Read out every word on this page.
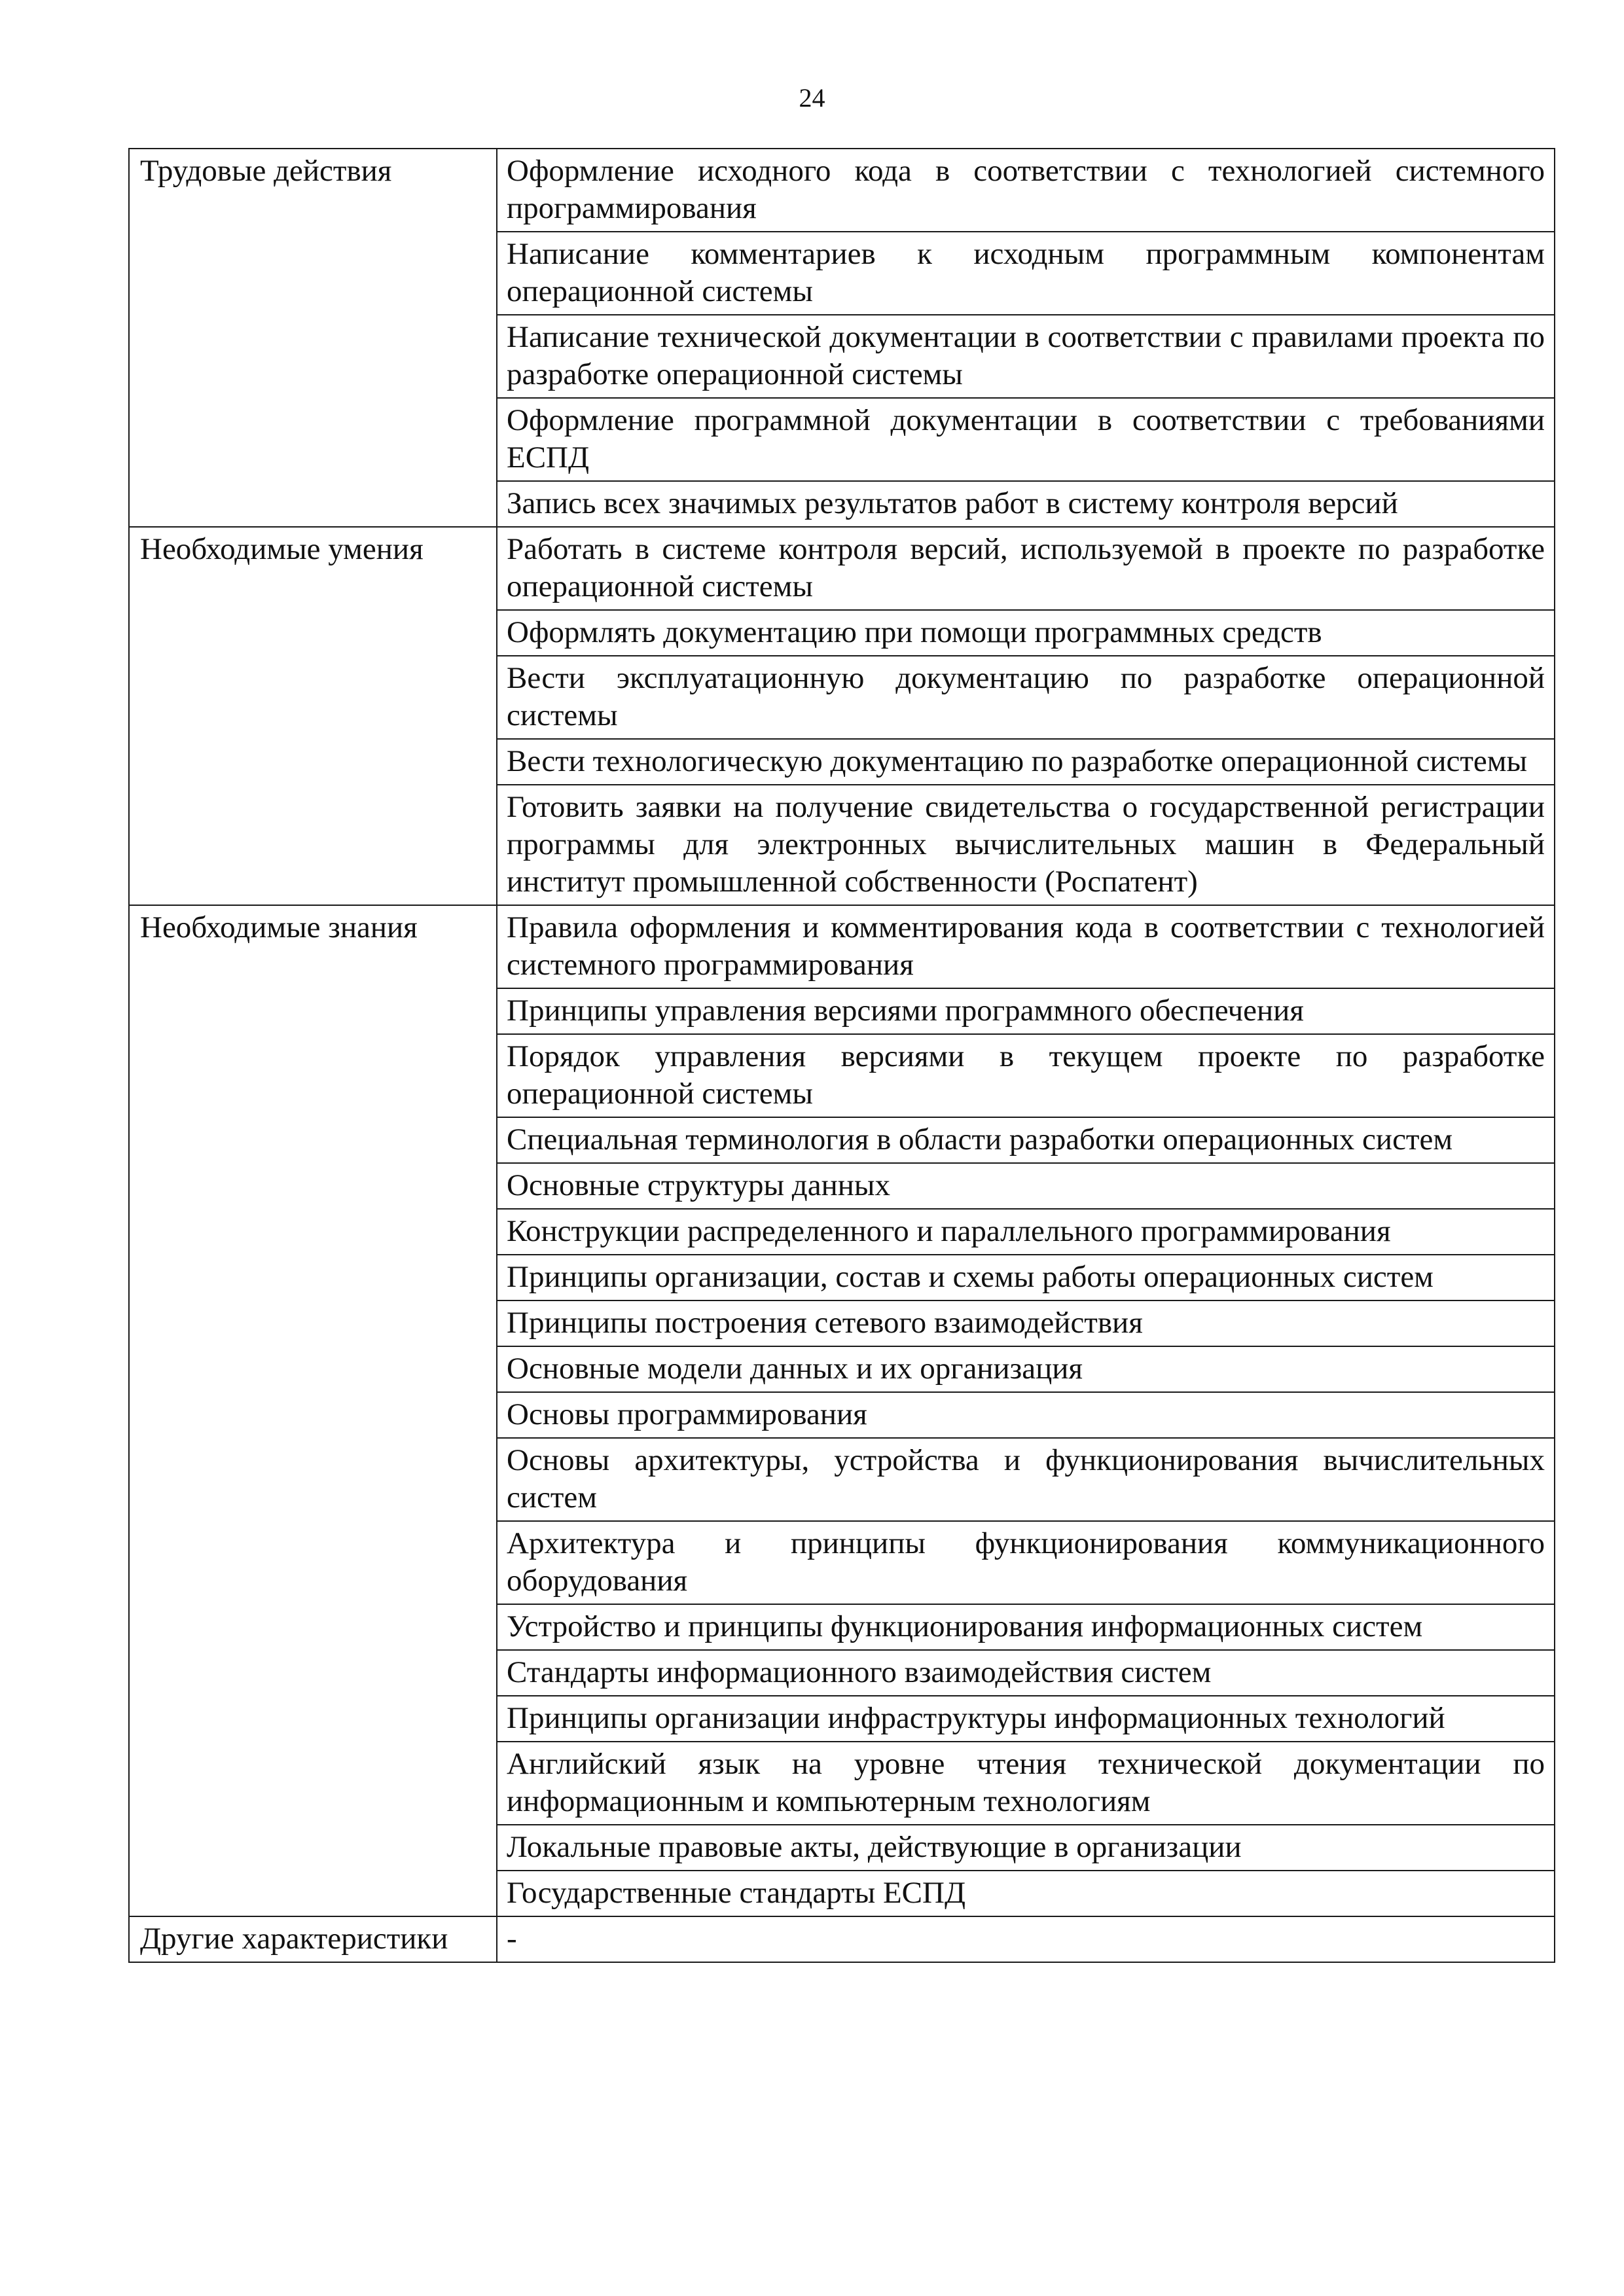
24
Трудовые действия	Оформление исходного кода в соответствии с технологией системного программирования
	Написание комментариев к исходным программным компонентам операционной системы
	Написание технической документации в соответствии с правилами проекта по разработке операционной системы
	Оформление программной документации в соответствии с требованиями ЕСПД
	Запись всех значимых результатов работ в систему контроля версий
Необходимые умения	Работать в системе контроля версий, используемой в проекте по разработке операционной системы
	Оформлять документацию при помощи программных средств
	Вести эксплуатационную документацию по разработке операционной системы
	Вести технологическую документацию по разработке операционной системы
	Готовить заявки на получение свидетельства о государственной регистрации программы для электронных вычислительных машин в Федеральный институт промышленной собственности (Роспатент)
Необходимые знания	Правила оформления и комментирования кода в соответствии с технологией системного программирования
	Принципы управления версиями программного обеспечения
	Порядок управления версиями в текущем проекте по разработке операционной системы
	Специальная терминология в области разработки операционных систем
	Основные структуры данных
	Конструкции распределенного и параллельного программирования
	Принципы организации, состав и схемы работы операционных систем
	Принципы построения сетевого взаимодействия
	Основные модели данных и их организация
	Основы программирования
	Основы архитектуры, устройства и функционирования вычислительных систем
	Архитектура и принципы функционирования коммуникационного оборудования
	Устройство и принципы функционирования информационных систем
	Стандарты информационного взаимодействия систем
	Принципы организации инфраструктуры информационных технологий
	Английский язык на уровне чтения технической документации по информационным и компьютерным технологиям
	Локальные правовые акты, действующие в организации
	Государственные стандарты ЕСПД
Другие характеристики	-
